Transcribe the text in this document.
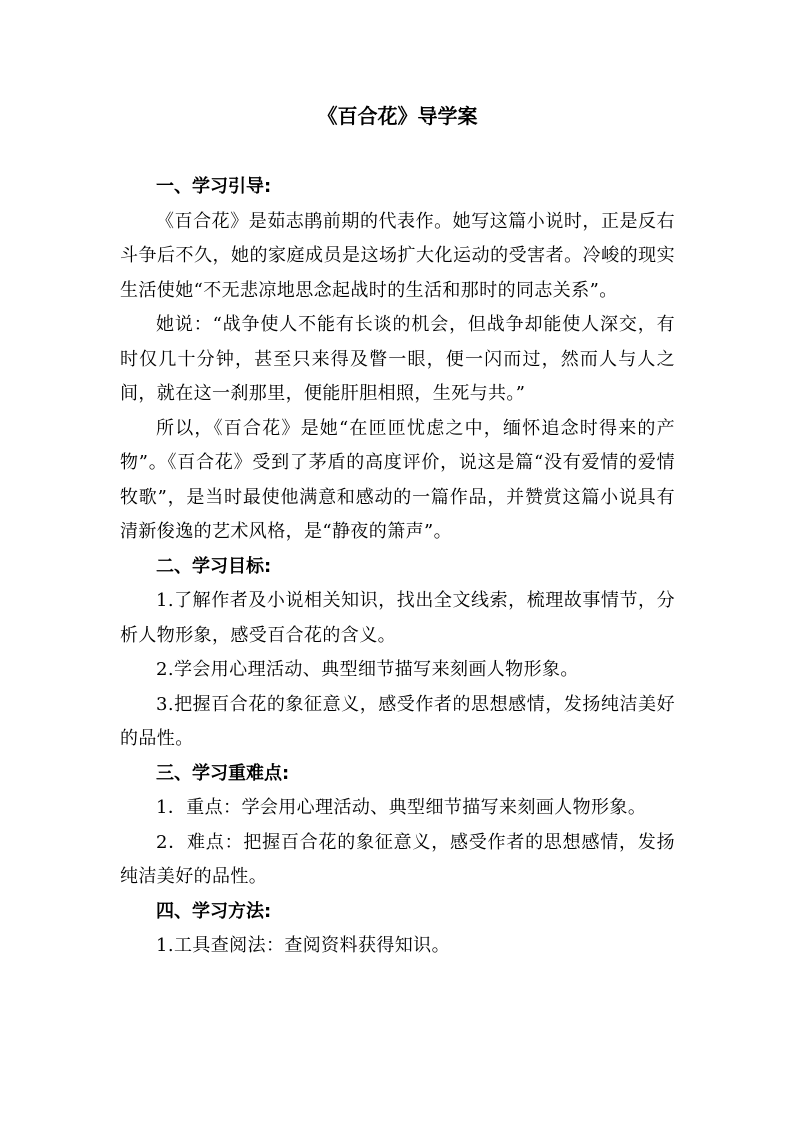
《百合花》导学案
一、学习引导:

《百合花》是茹志鹃前期的代表作。她写这篇小说时，正是反右斗争后不久，她的家庭成员是这场扩大化运动的受害者。冷峻的现实生活使她“不无悲凉地思念起战时的生活和那时的同志关系”。

她说：“战争使人不能有长谈的机会，但战争却能使人深交，有时仅几十分钟，甚至只来得及瞥一眼，便一闪而过，然而人与人之间，就在这一刹那里，便能肝胆相照，生死与共。”

所以，《百合花》是她“在匝匝忧虑之中，缅怀追念时得来的产物”。《百合花》受到了茅盾的高度评价，说这是篇“没有爱情的爱情牧歌”，是当时最使他满意和感动的一篇作品，并赞赏这篇小说具有清新俊逸的艺术风格，是“静夜的箫声”。

二、学习目标:

1.了解作者及小说相关知识，找出全文线索，梳理故事情节，分析人物形象，感受百合花的含义。

2.学会用心理活动、典型细节描写来刻画人物形象。

3.把握百合花的象征意义，感受作者的思想感情，发扬纯洁美好的品性。

三、学习重难点:

1．重点：学会用心理活动、典型细节描写来刻画人物形象。

2．难点：把握百合花的象征意义，感受作者的思想感情，发扬纯洁美好的品性。

四、学习方法:

1.工具查阅法：查阅资料获得知识。
